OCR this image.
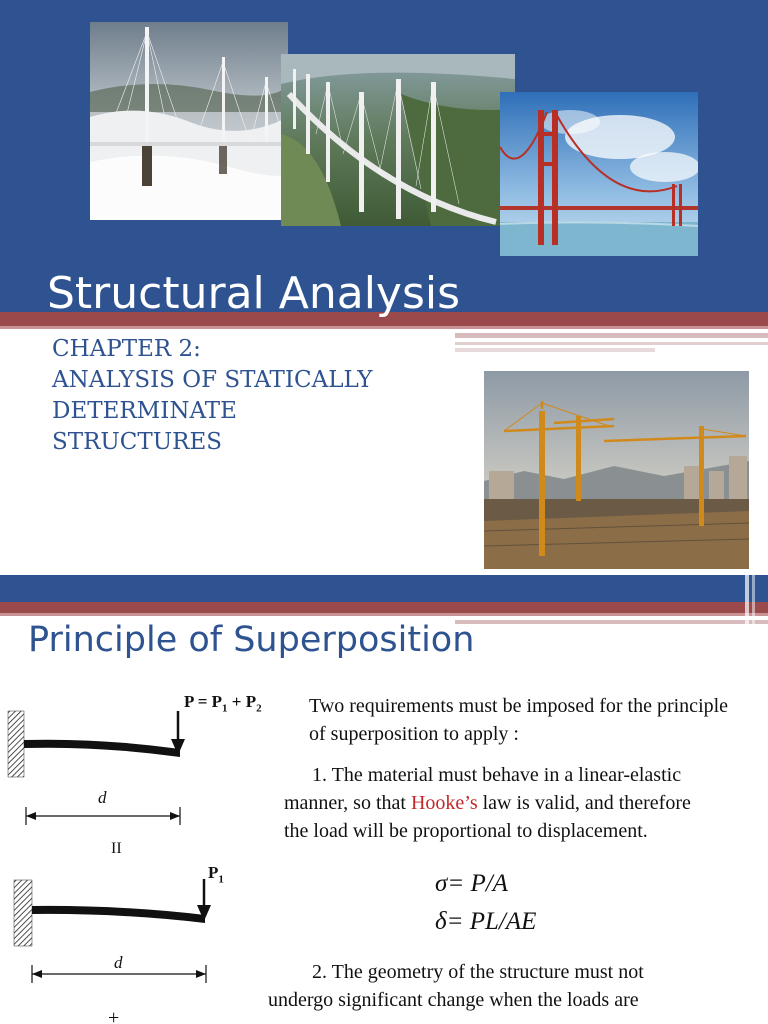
Structural Analysis
CHAPTER 2:
ANALYSIS OF STATICALLY
DETERMINATE
STRUCTURES
Principle of Superposition
$P = P_1 + P_2$
d
II
$P_1$
d
+
Two requirements must be imposed for the principle
of superposition to apply :
1. The material must behave in a linear-elastic
manner, so that Hooke’s law is valid, and therefore
the load will be proportional to displacement.
σ= P/A
δ= PL/AE
2. The geometry of the structure must not
undergo significant change when the loads are
